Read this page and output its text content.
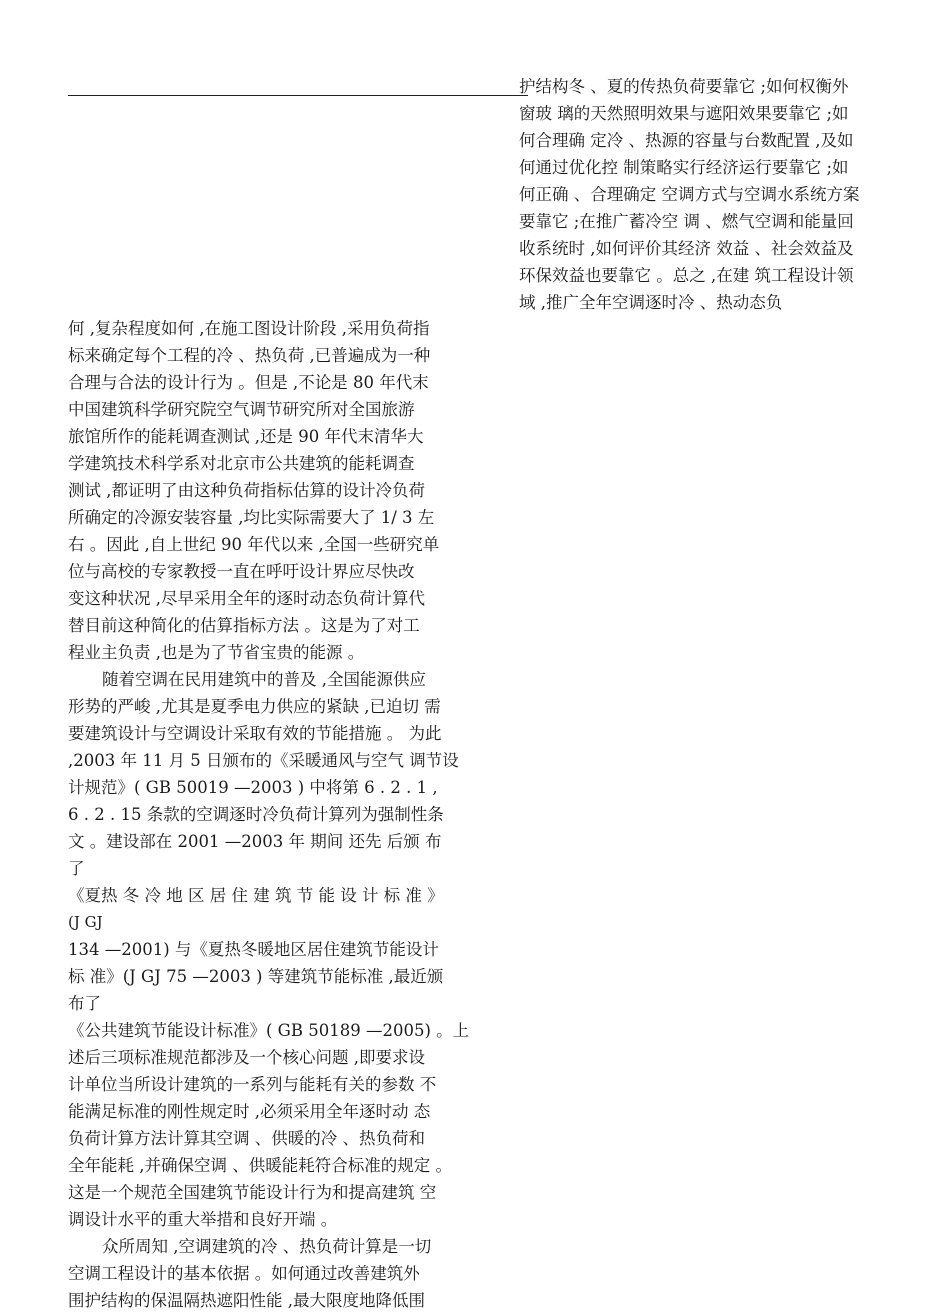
护结构冬 、夏的传热负荷要靠它 ;如何权衡外
窗玻 璃的天然照明效果与遮阳效果要靠它 ;如
何合理确 定冷 、热源的容量与台数配置 ,及如
何通过优化控 制策略实行经济运行要靠它 ;如
何正确 、合理确定 空调方式与空调水系统方案
要靠它 ;在推广蓄冷空 调 、燃气空调和能量回
收系统时 ,如何评价其经济 效益 、社会效益及
环保效益也要靠它 。总之 ,在建 筑工程设计领
域 ,推广全年空调逐时冷 、热动态负
何 ,复杂程度如何 ,在施工图设计阶段 ,采用负荷指
标来确定每个工程的冷 、热负荷 ,已普遍成为一种
合理与合法的设计行为 。但是 ,不论是 80 年代末
中国建筑科学研究院空气调节研究所对全国旅游
旅馆所作的能耗调查测试 ,还是 90 年代末清华大
学建筑技术科学系对北京市公共建筑的能耗调查
测试 ,都证明了由这种负荷指标估算的设计冷负荷
所确定的冷源安装容量 ,均比实际需要大了 1/ 3 左
右 。因此 ,自上世纪 90 年代以来 ,全国一些研究单
位与高校的专家教授一直在呼吁设计界应尽快改
变这种状况 ,尽早采用全年的逐时动态负荷计算代
替目前这种简化的估算指标方法 。这是为了对工
程业主负责 ,也是为了节省宝贵的能源 。
随着空调在民用建筑中的普及 ,全国能源供应
形势的严峻 ,尤其是夏季电力供应的紧缺 ,已迫切 需
要建筑设计与空调设计采取有效的节能措施 。 为此
,2003 年 11 月 5 日颁布的《采暖通风与空气 调节设
计规范》( GB 50019 —2003 ) 中将第 6 . 2 . 1 ,
6 . 2 . 15 条款的空调逐时冷负荷计算列为强制性条
文 。建设部在 2001 —2003 年 期间 还先 后颁 布
了
《夏热 冬 冷 地 区 居 住 建 筑 节 能 设 计 标 准 》
(J GJ
134 —2001) 与《夏热冬暖地区居住建筑节能设计
标 准》(J GJ 75 —2003 ) 等建筑节能标准 ,最近颁
布了
《公共建筑节能设计标准》( GB 50189 —2005) 。上
述后三项标准规范都涉及一个核心问题 ,即要求设
计单位当所设计建筑的一系列与能耗有关的参数 不
能满足标准的刚性规定时 ,必须采用全年逐时动 态
负荷计算方法计算其空调 、供暖的冷 、热负荷和
全年能耗 ,并确保空调 、供暖能耗符合标准的规定 。
这是一个规范全国建筑节能设计行为和提高建筑 空
调设计水平的重大举措和良好开端 。
众所周知 ,空调建筑的冷 、热负荷计算是一切
空调工程设计的基本依据 。如何通过改善建筑外
围护结构的保温隔热遮阳性能 ,最大限度地降低围
